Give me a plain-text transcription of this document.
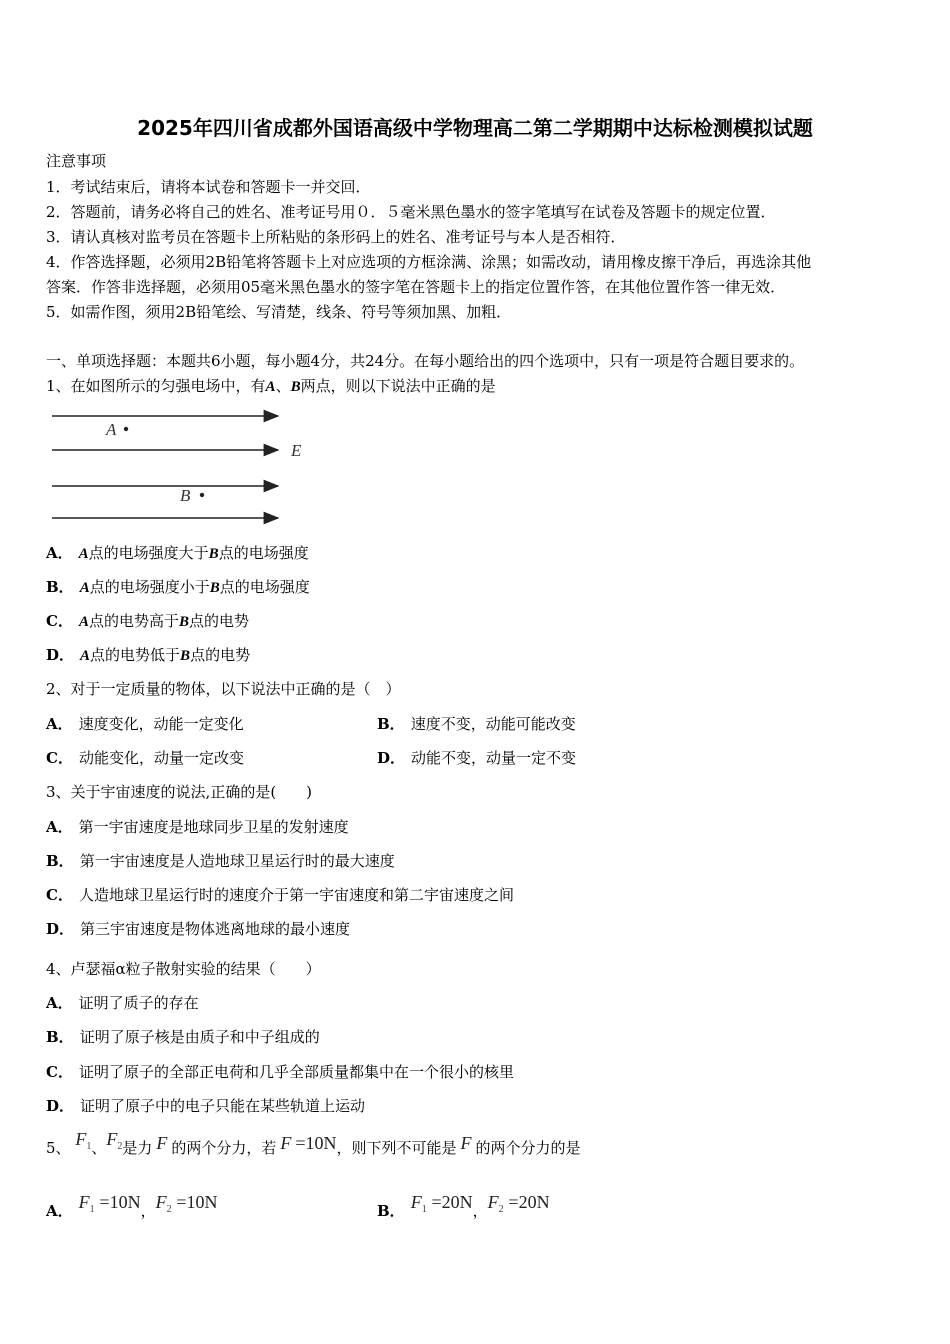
2025年四川省成都外国语高级中学物理高二第二学期期中达标检测模拟试题
注意事项
1．考试结束后，请将本试卷和答题卡一并交回．
2．答题前，请务必将自己的姓名、准考证号用０．５毫米黑色墨水的签字笔填写在试卷及答题卡的规定位置．
3．请认真核对监考员在答题卡上所粘贴的条形码上的姓名、准考证号与本人是否相符．
4．作答选择题，必须用2B铅笔将答题卡上对应选项的方框涂满、涂黑；如需改动，请用橡皮擦干净后，再选涂其他
答案．作答非选择题，必须用05毫米黑色墨水的签字笔在答题卡上的指定位置作答，在其他位置作答一律无效．
5．如需作图，须用2B铅笔绘、写清楚，线条、符号等须加黑、加粗．
一、单项选择题：本题共6小题，每小题4分，共24分。在每小题给出的四个选项中，只有一项是符合题目要求的。
1、在如图所示的匀强电场中，有A、B两点，则以下说法中正确的是
A
B
E
A． A点的电场强度大于B点的电场强度
B． A点的电场强度小于B点的电场强度
C． A点的电势高于B点的电势
D． A点的电势低于B点的电势
2、对于一定质量的物体，以下说法中正确的是（　）
A． 速度变化，动能一定变化	B． 速度不变，动能可能改变
C． 动能变化，动量一定改变	D． 动能不变，动量一定不变
3、关于宇宙速度的说法,正确的是(　　)
A． 第一宇宙速度是地球同步卫星的发射速度
B． 第一宇宙速度是人造地球卫星运行时的最大速度
C． 人造地球卫星运行时的速度介于第一宇宙速度和第二宇宙速度之间
D． 第三宇宙速度是物体逃离地球的最小速度
4、卢瑟福α粒子散射实验的结果（　　）
A． 证明了质子的存在
B． 证明了原子核是由质子和中子组成的
C． 证明了原子的全部正电荷和几乎全部质量都集中在一个很小的核里
D． 证明了原子中的电子只能在某些轨道上运动
5、 $F_1$、$F_2$是力 F 的两个分力，若 F =10N，则下列不可能是 F 的两个分力的是
A． $F_1 =10N$，$F_2 =10N$	B． $F_1 =20N$，$F_2 =20N$
